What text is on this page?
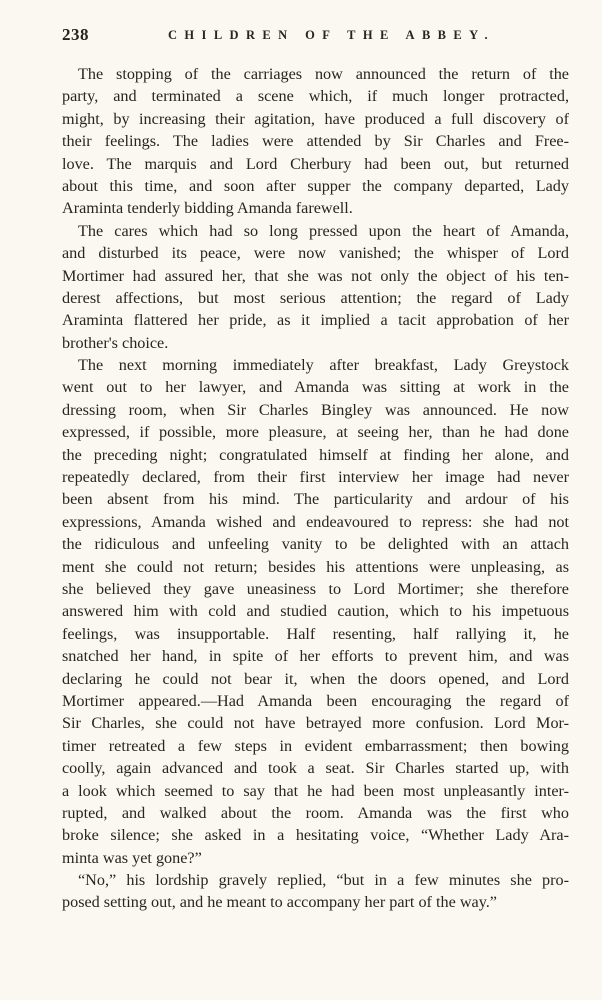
238	CHILDREN OF THE ABBEY.
The stopping of the carriages now announced the return of the
party, and terminated a scene which, if much longer protracted,
might, by increasing their agitation, have produced a full discovery of
their feelings. The ladies were attended by Sir Charles and Free-
love. The marquis and Lord Cherbury had been out, but returned
about this time, and soon after supper the company departed, Lady
Araminta tenderly bidding Amanda farewell.
The cares which had so long pressed upon the heart of Amanda,
and disturbed its peace, were now vanished; the whisper of Lord
Mortimer had assured her, that she was not only the object of his ten-
derest affections, but most serious attention; the regard of Lady
Araminta flattered her pride, as it implied a tacit approbation of her
brother's choice.
The next morning immediately after breakfast, Lady Greystock
went out to her lawyer, and Amanda was sitting at work in the
dressing room, when Sir Charles Bingley was announced. He now
expressed, if possible, more pleasure, at seeing her, than he had done
the preceding night; congratulated himself at finding her alone, and
repeatedly declared, from their first interview her image had never
been absent from his mind. The particularity and ardour of his
expressions, Amanda wished and endeavoured to repress: she had not
the ridiculous and unfeeling vanity to be delighted with an attach
ment she could not return; besides his attentions were unpleasing, as
she believed they gave uneasiness to Lord Mortimer; she therefore
answered him with cold and studied caution, which to his impetuous
feelings, was insupportable. Half resenting, half rallying it, he
snatched her hand, in spite of her efforts to prevent him, and was
declaring he could not bear it, when the doors opened, and Lord
Mortimer appeared.—Had Amanda been encouraging the regard of
Sir Charles, she could not have betrayed more confusion. Lord Mor-
timer retreated a few steps in evident embarrassment; then bowing
coolly, again advanced and took a seat. Sir Charles started up, with
a look which seemed to say that he had been most unpleasantly inter-
rupted, and walked about the room. Amanda was the first who
broke silence; she asked in a hesitating voice, “Whether Lady Ara-
minta was yet gone?”
“No,” his lordship gravely replied, “but in a few minutes she pro-
posed setting out, and he meant to accompany her part of the way.”
